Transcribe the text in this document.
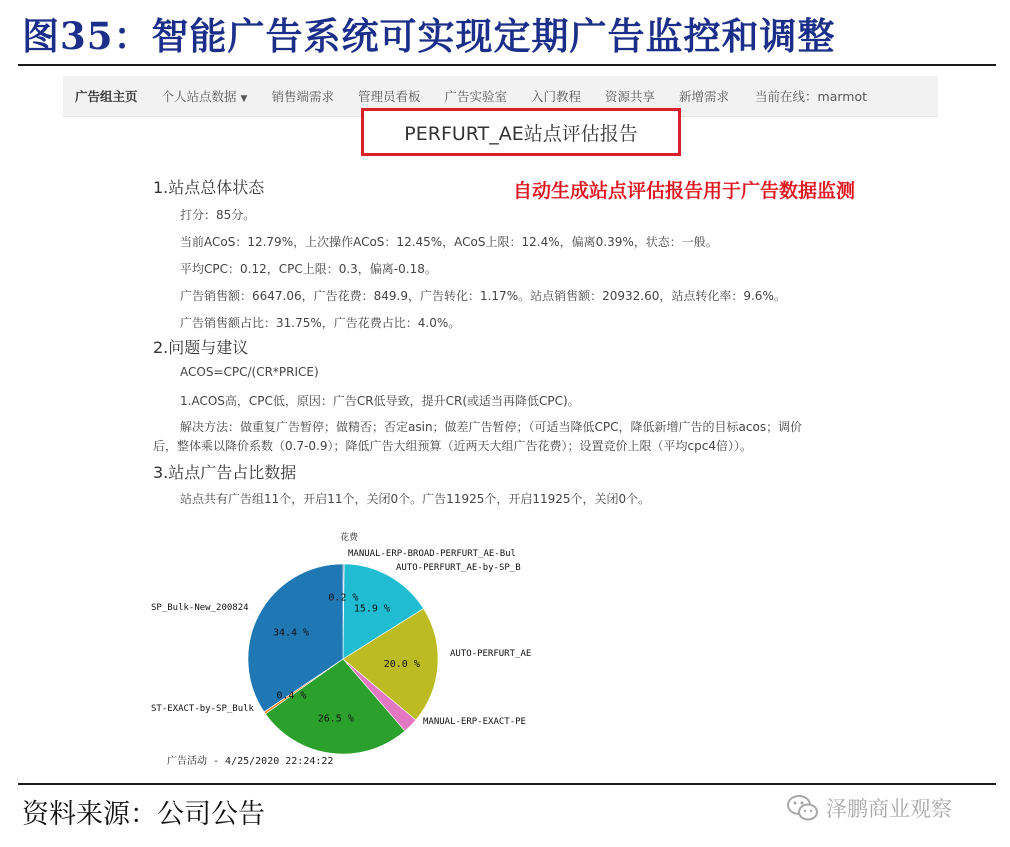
图35：智能广告系统可实现定期广告监控和调整
广告组主页	个人站点数据 ▼	销售端需求	管理员看板	广告实验室	入门教程	资源共享	新增需求	当前在线：marmot
PERFURT_AE站点评估报告
自动生成站点评估报告用于广告数据监测
1.站点总体状态
打分：85分。
当前ACoS：12.79%，上次操作ACoS：12.45%，ACoS上限：12.4%，偏离0.39%，状态：一般。
平均CPC：0.12，CPC上限：0.3，偏离-0.18。
广告销售额：6647.06，广告花费：849.9，广告转化：1.17%。站点销售额：20932.60，站点转化率：9.6%。
广告销售额占比：31.75%，广告花费占比：4.0%。
2.问题与建议
ACOS=CPC/(CR*PRICE)
1.ACOS高，CPC低，原因：广告CR低导致，提升CR(或适当再降低CPC)。
解决方法：做重复广告暂停；做精否；否定asin；做差广告暂停；（可适当降低CPC，降低新增广告的目标acos；调价
后，整体乘以降价系数（0.7-0.9）；降低广告大组预算（近两天大组广告花费）；设置竞价上限（平均cpc4倍））。
3.站点广告占比数据
站点共有广告组11个，开启11个，关闭0个。广告11925个，开启11925个，关闭0个。
花费
0.2 %
15.9 %
20.0 %
26.5 %
0.4 %
34.4 %
MANUAL-ERP-BROAD-PERFURT_AE-Bul
AUTO-PERFURT_AE-by-SP_B
AUTO-PERFURT_AE
MANUAL-ERP-EXACT-PE
ST-EXACT-by-SP_Bulk
SP_Bulk-New_200824
广告活动 - 4/25/2020 22:24:22
资料来源：公司公告	泽鹏商业观察
